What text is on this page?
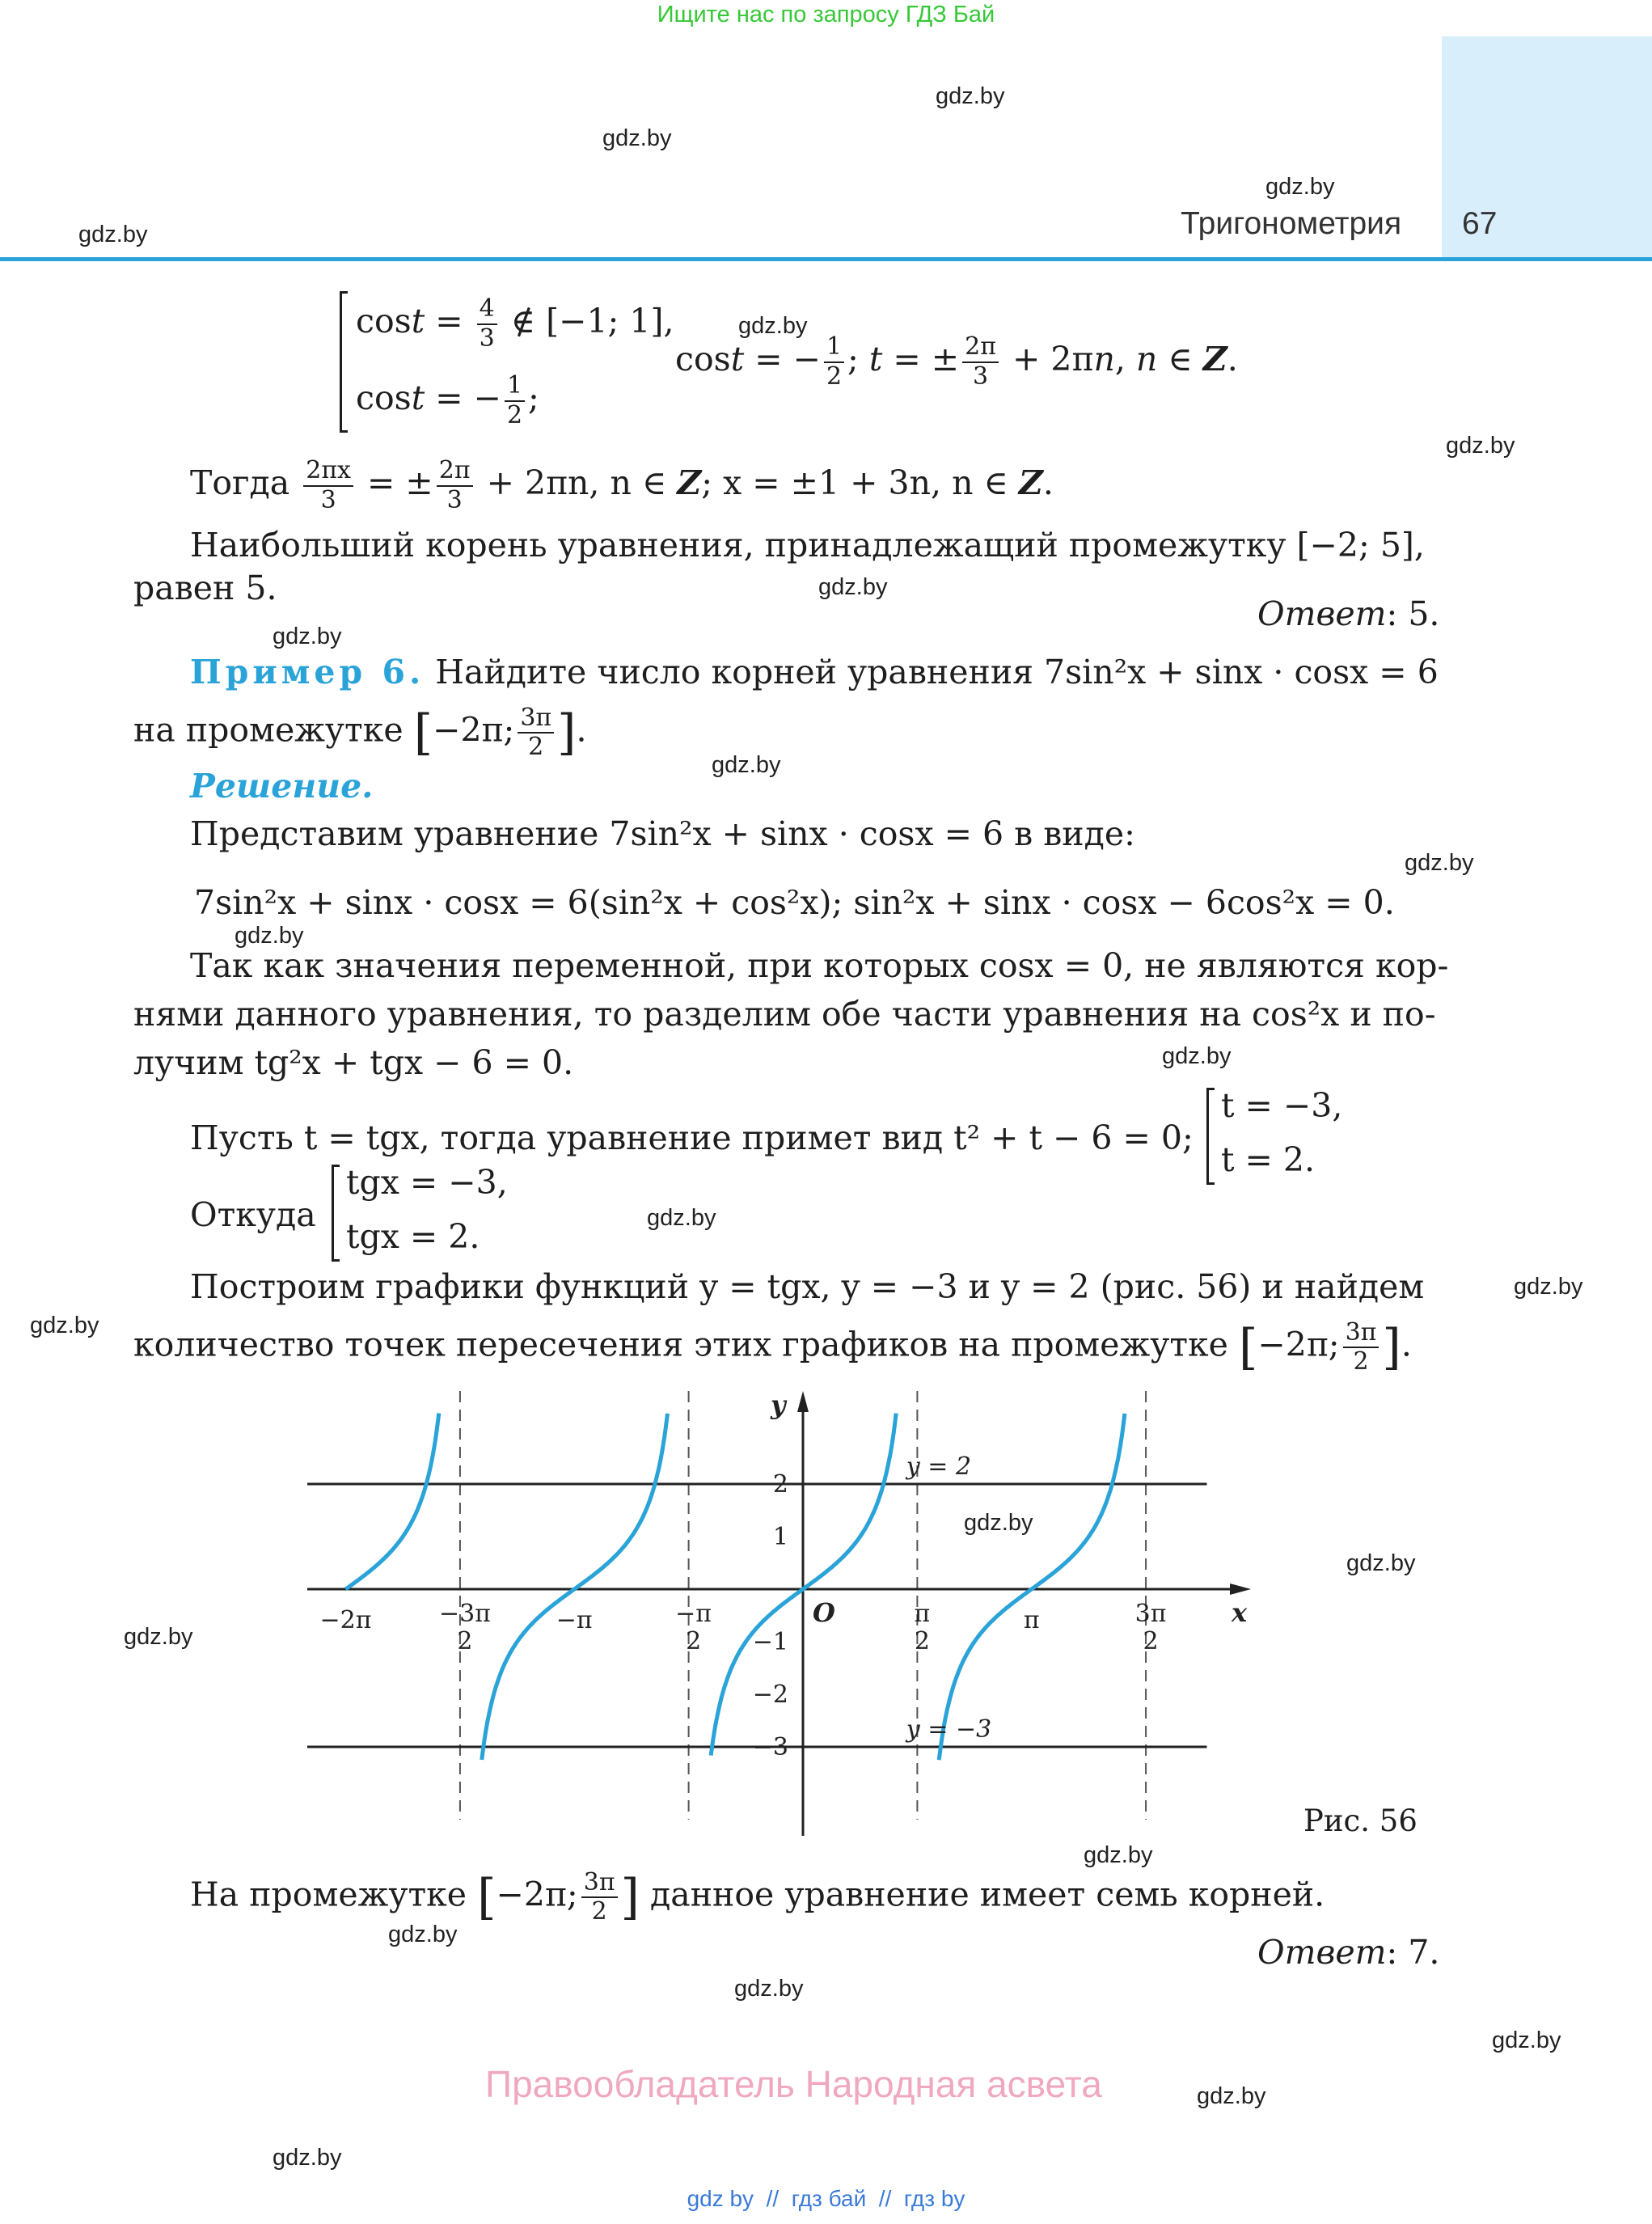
Ищите нас по запросу ГДЗ Бай
Тригонометрия 67
gdz.by
gdz.by
gdz.by
gdz.by
gdz.by
gdz.by
gdz.by
gdz.by
gdz.by
gdz.by
gdz.by
gdz.by
gdz.by
gdz.by
gdz.by
gdz.by
gdz.by
gdz.by
gdz.by
gdz.by
gdz.by
gdz.by
gdz.by
gdz.by
$\cos t = \frac{4}{3}$ ∉ [−1; 1],
cost = − $\frac{1}{2}$ ;
cost = − $\frac{1}{2}$ ; t = ± $\frac{2\pi}{3} + 2\pi n$, n ∈ Z.
Тогда $\frac{2\pi x}{3}$ = ± $\frac{2\pi}{3} + 2\pi n$, n ∈ Z; x = ±1 + 3n, n ∈ Z.
Наибольший корень уравнения, принадлежащий промежутку [−2; 5],
равен 5.
Ответ: 5.
Пример 6. Найдите число корней уравнения 7sin²x + sinx · cosx = 6
на промежутке [−2π; $\frac{3\pi}{2}$ ].
Решение.
Представим уравнение 7sin²x + sinx · cosx = 6 в виде:
7sin²x + sinx · cosx = 6(sin²x + cos²x); sin²x + sinx · cosx − 6cos²x = 0.
Так как значения переменной, при которых cosx = 0, не являются кор-
нями данного уравнения, то разделим обе части уравнения на cos²x и по-
лучим tg²x + tgx − 6 = 0.
Пусть t = tgx, тогда уравнение примет вид t² + t − 6 = 0;
t = −3,
t = 2.
Откуда
tgx = −3,
tgx = 2.
Построим графики функций y = tgx, y = −3 и y = 2 (рис. 56) и найдем
количество точек пересечения этих графиков на промежутке [−2π; $\frac{3\pi}{2}$ ].
−2π	−3π 2
−π	−π 2
π 2
π	3π 2
2
1
−1
−2
−3
O	x
y
y = 2
y = −3
Рис. 56
На промежутке [−2π; $\frac{3\pi}{2}$ ] данное уравнение имеет семь корней.
Ответ: 7.
Правообладатель Народная асвета
gdz by  //  гдз бай  //  гдз by
